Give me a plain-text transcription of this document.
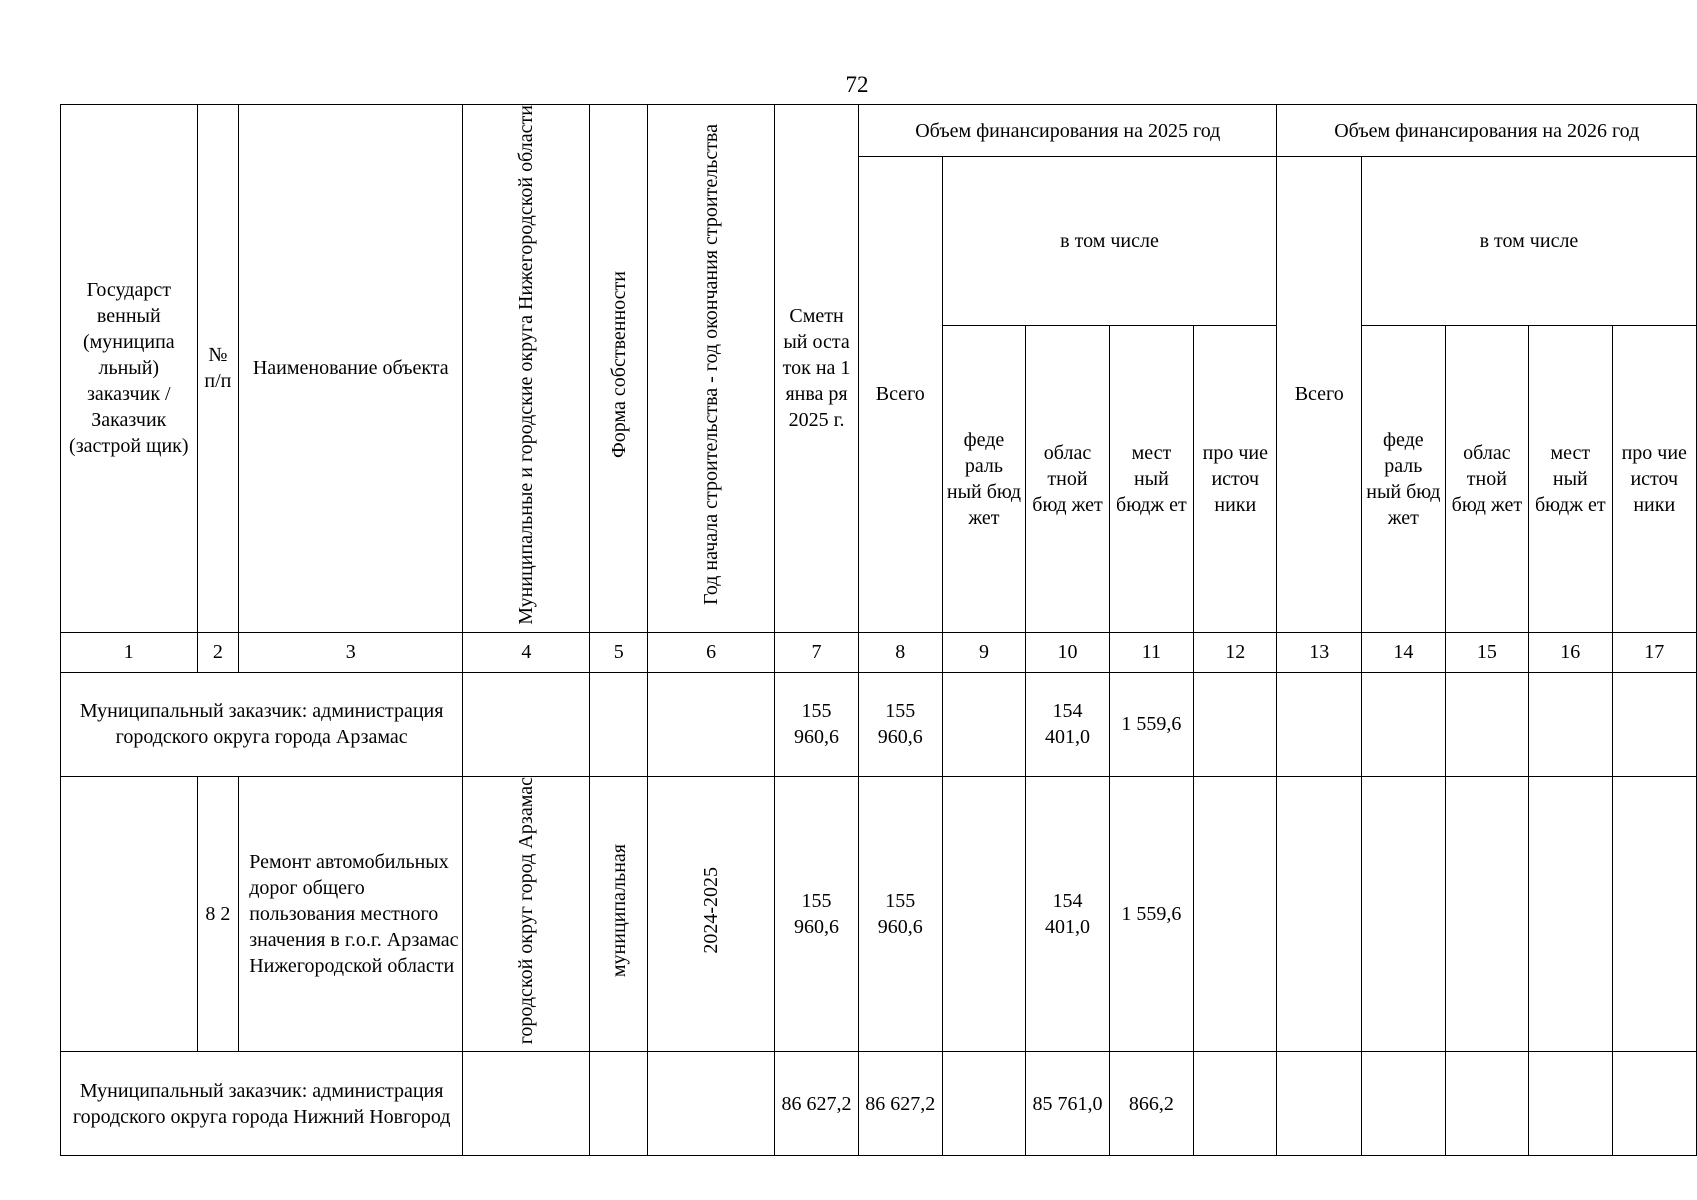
72
Государст венный (муниципа льный) заказчик / Заказчик (застрой щик)	№ п/п	Наименование объекта	Муниципальные и городские округа Нижегородской области	Форма собственности	Год начала строительства - год окончания строительства	Сметн ый оста ток на 1 янва ря 2025 г.	Объем финансирования на 2025 год					Объем финансирования на 2026 год				
							Всего	в том числе				Всего	в том числе			
								феде раль ный бюд жет	облас тной бюд жет	мест ный бюдж ет	про чие источ ники		феде раль ный бюд жет	облас тной бюд жет	мест ный бюдж ет	про чие источ ники
1	2	3	4	5	6	7	8	9	10	11	12	13	14	15	16	17
Муниципальный заказчик: администрация городского округа города Арзамас						155 960,6	155 960,6		154 401,0	1 559,6						
	8 2	Ремонт автомобильных дорог общего пользования местного значения в г.о.г. Арзамас Нижегородской области	городской округ город Арзамас	муниципальная	2024-2025	155 960,6	155 960,6		154 401,0	1 559,6						
Муниципальный заказчик: администрация городского округа города Нижний Новгород						86 627,2	86 627,2		85 761,0	866,2						
